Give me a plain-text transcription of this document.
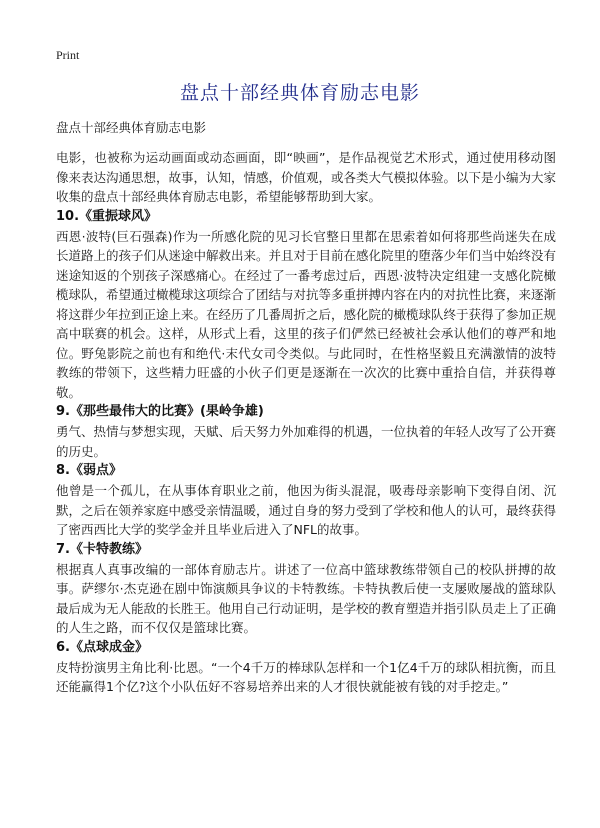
Print
盘点十部经典体育励志电影
盘点十部经典体育励志电影

电影，也被称为运动画面或动态画面，即“映画”，是作品视觉艺术形式，通过使用移动图像来表达沟通思想，故事，认知，情感，价值观，或各类大气模拟体验。以下是小编为大家收集的盘点十部经典体育励志电影，希望能够帮助到大家。

10.《重振球风》

西恩·波特(巨石强森)作为一所感化院的见习长官整日里都在思索着如何将那些尚迷失在成长道路上的孩子们从迷途中解救出来。并且对于目前在感化院里的堕落少年们当中始终没有迷途知返的个别孩子深感痛心。在经过了一番考虑过后，西恩·波特决定组建一支感化院橄榄球队，希望通过橄榄球这项综合了团结与对抗等多重拼搏内容在内的对抗性比赛，来逐渐将这群少年拉到正途上来。在经历了几番周折之后，感化院的橄榄球队终于获得了参加正规高中联赛的机会。这样，从形式上看，这里的孩子们俨然已经被社会承认他们的尊严和地位。野兔影院之前也有和绝代·末代女司令类似。与此同时，在性格坚毅且充满激情的波特教练的带领下，这些精力旺盛的小伙子们更是逐渐在一次次的比赛中重拾自信，并获得尊敬。

9.《那些最伟大的比赛》(果岭争雄)

勇气、热情与梦想实现，天赋、后天努力外加难得的机遇，一位执着的年轻人改写了公开赛的历史。

8.《弱点》

他曾是一个孤儿，在从事体育职业之前，他因为街头混混，吸毒母亲影响下变得自闭、沉默，之后在领养家庭中感受亲情温暖，通过自身的努力受到了学校和他人的认可，最终获得了密西西比大学的奖学金并且毕业后进入了NFL的故事。

7.《卡特教练》

根据真人真事改编的一部体育励志片。讲述了一位高中篮球教练带领自己的校队拼搏的故事。萨缪尔·杰克逊在剧中饰演颇具争议的卡特教练。卡特执教后使一支屡败屡战的篮球队最后成为无人能敌的长胜王。他用自己行动证明，是学校的教育塑造并指引队员走上了正确的人生之路，而不仅仅是篮球比赛。

6.《点球成金》

皮特扮演男主角比利·比恩。“一个4千万的棒球队怎样和一个1亿4千万的球队相抗衡，而且还能赢得1个亿?这个小队伍好不容易培养出来的人才很快就能被有钱的对手挖走。”
